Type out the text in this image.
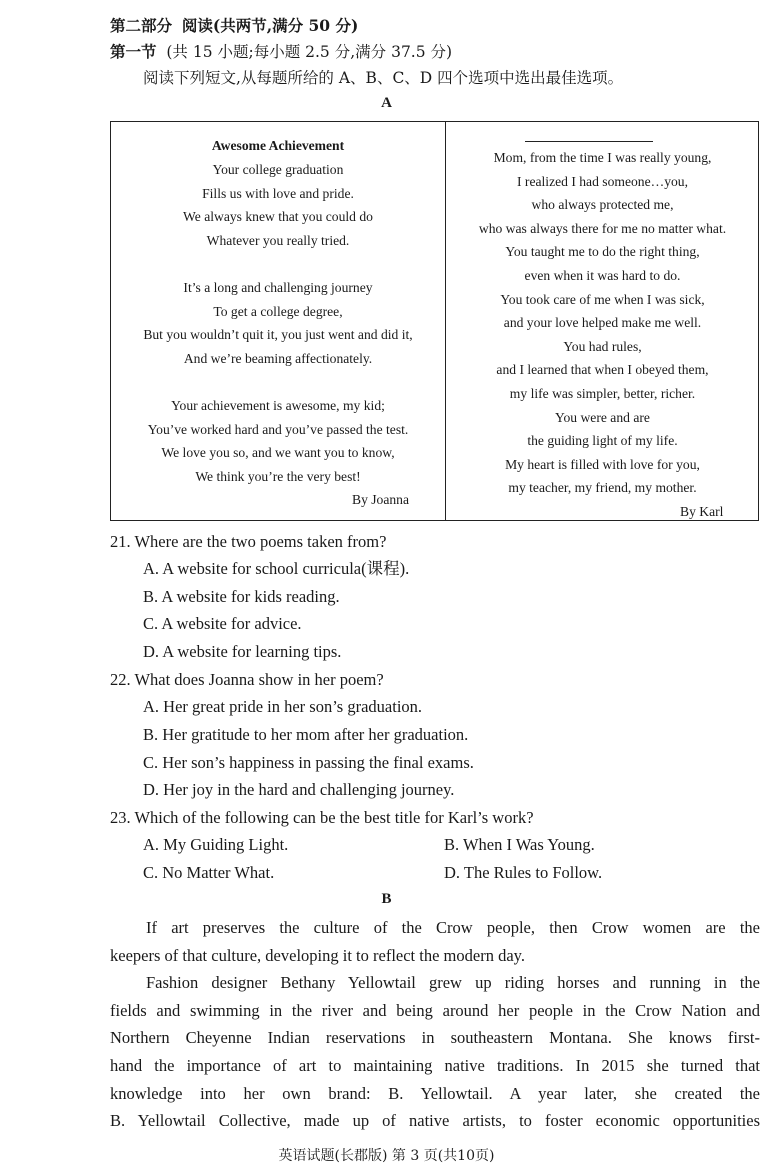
第二部分 阅读(共两节,满分 50 分)
第一节 (共 15 小题;每小题 2.5 分,满分 37.5 分)
阅读下列短文,从每题所给的 A、B、C、D 四个选项中选出最佳选项。
A
Awesome Achievement
Your college graduation
Fills us with love and pride.
We always knew that you could do
Whatever you really tried.
It’s a long and challenging journey
To get a college degree,
But you wouldn’t quit it, you just went and did it,
And we’re beaming affectionately.
Your achievement is awesome, my kid;
You’ve worked hard and you’ve passed the test.
We love you so, and we want you to know,
We think you’re the very best!
By Joanna
Mom, from the time I was really young,
I realized I had someone…you,
who always protected me,
who was always there for me no matter what.
You taught me to do the right thing,
even when it was hard to do.
You took care of me when I was sick,
and your love helped make me well.
You had rules,
and I learned that when I obeyed them,
my life was simpler, better, richer.
You were and are
the guiding light of my life.
My heart is filled with love for you,
my teacher, my friend, my mother.
By Karl
21. Where are the two poems taken from?
A. A website for school curricula(课程).
B. A website for kids reading.
C. A website for advice.
D. A website for learning tips.
22. What does Joanna show in her poem?
A. Her great pride in her son’s graduation.
B. Her gratitude to her mom after her graduation.
C. Her son’s happiness in passing the final exams.
D. Her joy in the hard and challenging journey.
23. Which of the following can be the best title for Karl’s work?
A. My Guiding Light.	B. When I Was Young.
C. No Matter What.	D. The Rules to Follow.
B
If art preserves the culture of the Crow people, then Crow women are the
keepers of that culture, developing it to reflect the modern day.
Fashion designer Bethany Yellowtail grew up riding horses and running in the
fields and swimming in the river and being around her people in the Crow Nation and
Northern Cheyenne Indian reservations in southeastern Montana. She knows first-
hand the importance of art to maintaining native traditions. In 2015 she turned that
knowledge into her own brand: B. Yellowtail. A year later, she created the
B. Yellowtail Collective, made up of native artists, to foster economic opportunities
英语试题(长郡版) 第 3 页(共10页)
